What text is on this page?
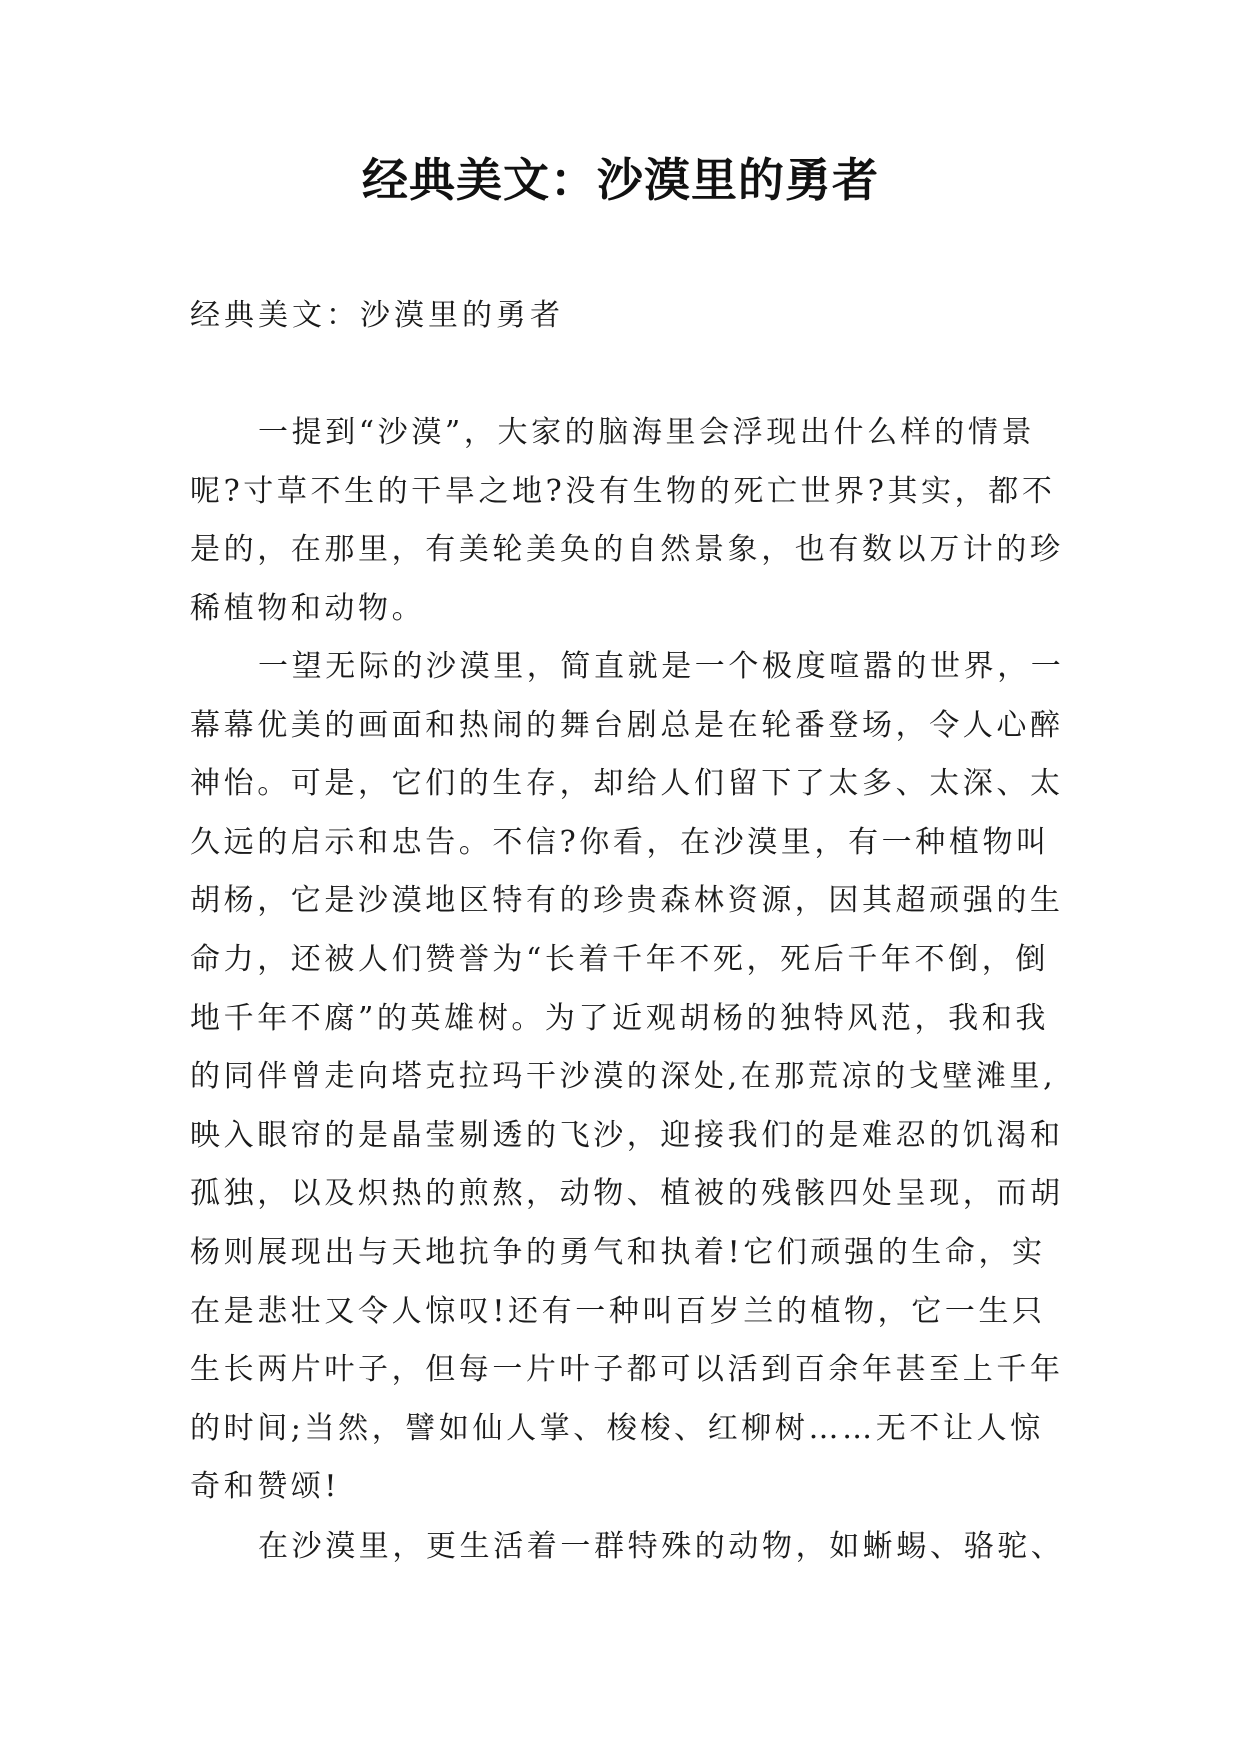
经典美文：沙漠里的勇者
经典美文：沙漠里的勇者
一提到“沙漠”，大家的脑海里会浮现出什么样的情景
呢?寸草不生的干旱之地?没有生物的死亡世界?其实，都不
是的，在那里，有美轮美奂的自然景象，也有数以万计的珍
稀植物和动物。
一望无际的沙漠里，简直就是一个极度喧嚣的世界，一
幕幕优美的画面和热闹的舞台剧总是在轮番登场，令人心醉
神怡。可是，它们的生存，却给人们留下了太多、太深、太
久远的启示和忠告。不信?你看，在沙漠里，有一种植物叫
胡杨，它是沙漠地区特有的珍贵森林资源，因其超顽强的生
命力，还被人们赞誉为“长着千年不死，死后千年不倒，倒
地千年不腐”的英雄树。为了近观胡杨的独特风范，我和我
的同伴曾走向塔克拉玛干沙漠的深处,在那荒凉的戈壁滩里,
映入眼帘的是晶莹剔透的飞沙，迎接我们的是难忍的饥渴和
孤独，以及炽热的煎熬，动物、植被的残骸四处呈现，而胡
杨则展现出与天地抗争的勇气和执着!它们顽强的生命，实
在是悲壮又令人惊叹!还有一种叫百岁兰的植物，它一生只
生长两片叶子，但每一片叶子都可以活到百余年甚至上千年
的时间;当然，譬如仙人掌、梭梭、红柳树……无不让人惊
奇和赞颂!
在沙漠里，更生活着一群特殊的动物，如蜥蜴、骆驼、
